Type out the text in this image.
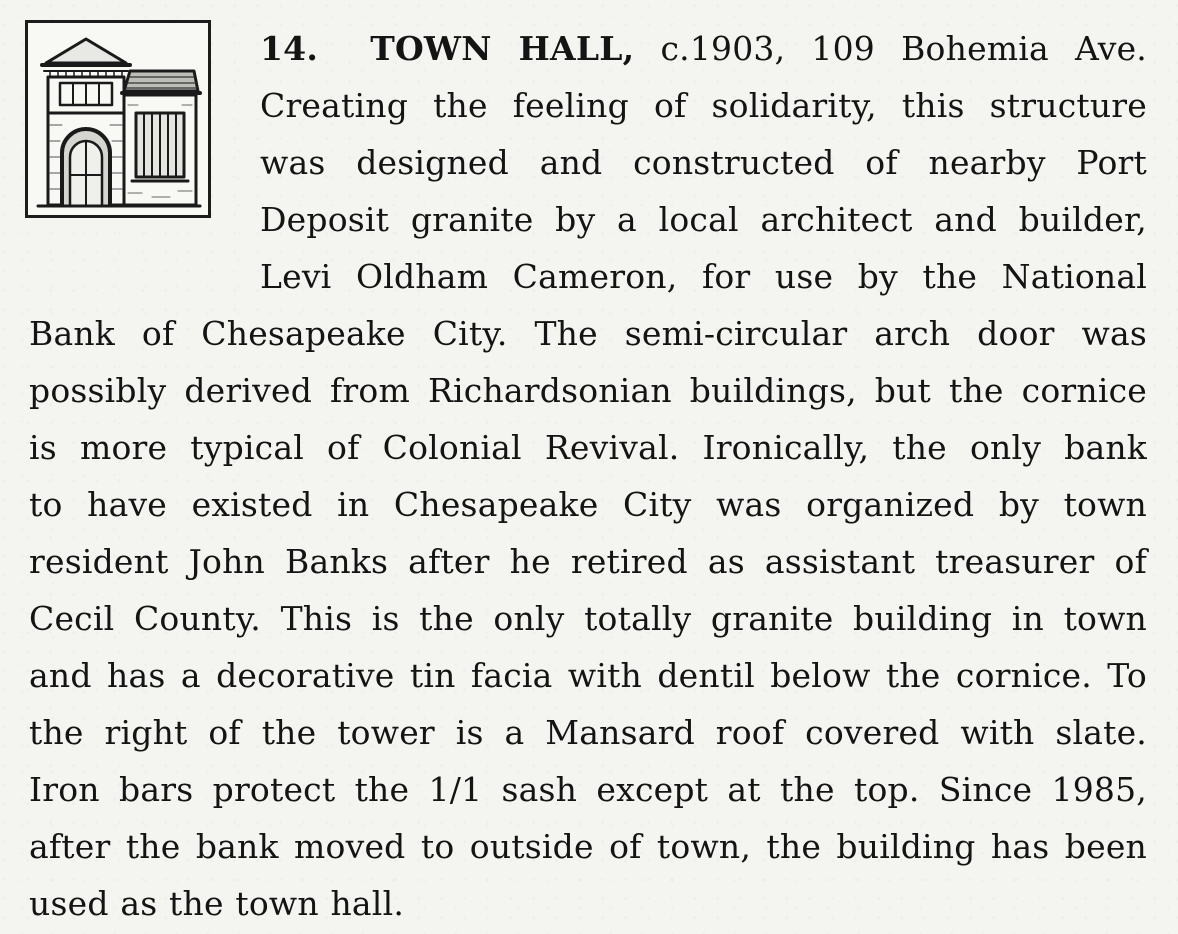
14. TOWN HALL, c.1903, 109 Bohemia Ave.
Creating the feeling of solidarity, this structure
was designed and constructed of nearby Port
Deposit granite by a local architect and builder,
Levi Oldham Cameron, for use by the National
Bank of Chesapeake City. The semi-circular arch door was
possibly derived from Richardsonian buildings, but the cornice
is more typical of Colonial Revival. Ironically, the only bank
to have existed in Chesapeake City was organized by town
resident John Banks after he retired as assistant treasurer of
Cecil County. This is the only totally granite building in town
and has a decorative tin facia with dentil below the cornice. To
the right of the tower is a Mansard roof covered with slate.
Iron bars protect the 1/1 sash except at the top. Since 1985,
after the bank moved to outside of town, the building has been
used as the town hall.
